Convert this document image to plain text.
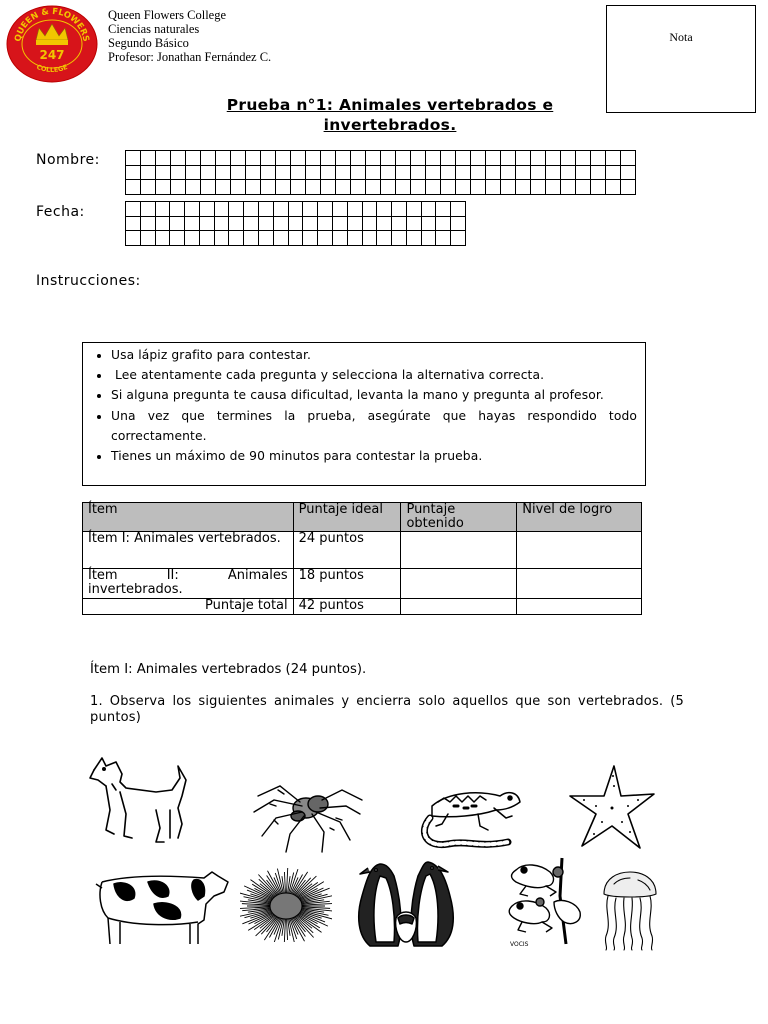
QUEEN & FLOWERS
247
COLLEGE
Queen Flowers College
Ciencias naturales
Segundo Básico
Profesor: Jonathan Fernández C.
Nota
Prueba n°1: Animales vertebrados e
invertebrados.
Nombre:
Fecha:
Instrucciones:
• Usa lápiz grafito para contestar.
•  Lee atentamente cada pregunta y selecciona la alternativa correcta.
• Si alguna pregunta te causa dificultad, levanta la mano y pregunta al profesor.
• Una vez que termines la prueba, asegúrate que hayas respondido todo correctamente.
• Tienes un máximo de 90 minutos para contestar la prueba.
Ítem	Puntaje ideal	Puntaje obtenido	Nivel de logro
Ítem I: Animales vertebrados.	24 puntos		
Ítem II: Animales invertebrados.	18 puntos		
Puntaje total	42 puntos		
Ítem I: Animales vertebrados (24 puntos).
1. Observa los siguientes animales y encierra solo aquellos que son vertebrados. (5 puntos)
VOCIS
